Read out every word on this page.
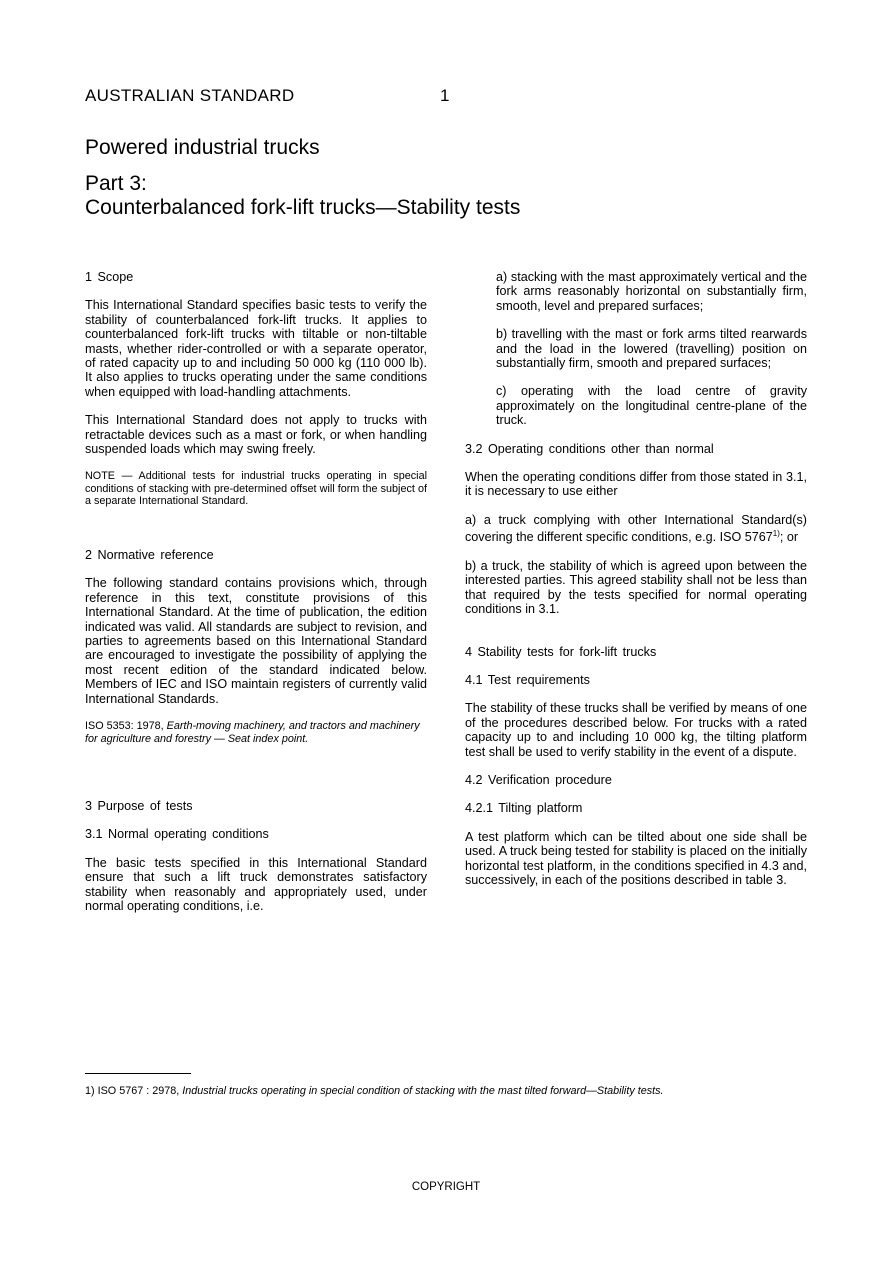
AUSTRALIAN STANDARD	1
Powered industrial trucks
Part 3:
Counterbalanced fork-lift trucks—Stability tests
1 Scope
This International Standard specifies basic tests to verify the stability of counterbalanced fork-lift trucks. It applies to counterbalanced fork-lift trucks with tiltable or non-tiltable masts, whether rider-controlled or with a separate operator, of rated capacity up to and including 50 000 kg (110 000 lb). It also applies to trucks operating under the same conditions when equipped with load-handling attachments.
This International Standard does not apply to trucks with retractable devices such as a mast or fork, or when handling suspended loads which may swing freely.
NOTE — Additional tests for industrial trucks operating in special conditions of stacking with pre-determined offset will form the subject of a separate International Standard.
2 Normative reference
The following standard contains provisions which, through reference in this text, constitute provisions of this International Standard. At the time of publication, the edition indicated was valid. All standards are subject to revision, and parties to agreements based on this International Standard are encouraged to investigate the possibility of applying the most recent edition of the standard indicated below. Members of IEC and ISO maintain registers of currently valid International Standards.
ISO 5353: 1978, Earth-moving machinery, and tractors and machinery for agriculture and forestry — Seat index point.
3 Purpose of tests
3.1 Normal operating conditions
The basic tests specified in this International Standard ensure that such a lift truck demonstrates satisfactory stability when reasonably and appropriately used, under normal operating conditions, i.e.
a) stacking with the mast approximately vertical and the fork arms reasonably horizontal on substantially firm, smooth, level and prepared surfaces;
b) travelling with the mast or fork arms tilted rearwards and the load in the lowered (travelling) position on substantially firm, smooth and prepared surfaces;
c) operating with the load centre of gravity approximately on the longitudinal centre-plane of the truck.
3.2 Operating conditions other than normal
When the operating conditions differ from those stated in 3.1, it is necessary to use either
a) a truck complying with other International Standard(s) covering the different specific conditions, e.g. ISO 5767$^{1)}$; or
b) a truck, the stability of which is agreed upon between the interested parties. This agreed stability shall not be less than that required by the tests specified for normal operating conditions in 3.1.
4 Stability tests for fork-lift trucks
4.1 Test requirements
The stability of these trucks shall be verified by means of one of the procedures described below. For trucks with a rated capacity up to and including 10 000 kg, the tilting platform test shall be used to verify stability in the event of a dispute.
4.2 Verification procedure
4.2.1 Tilting platform
A test platform which can be tilted about one side shall be used. A truck being tested for stability is placed on the initially horizontal test platform, in the conditions specified in 4.3 and, successively, in each of the positions described in table 3.
1) ISO 5767 : 2978, Industrial trucks operating in special condition of stacking with the mast tilted forward—Stability tests.
COPYRIGHT
